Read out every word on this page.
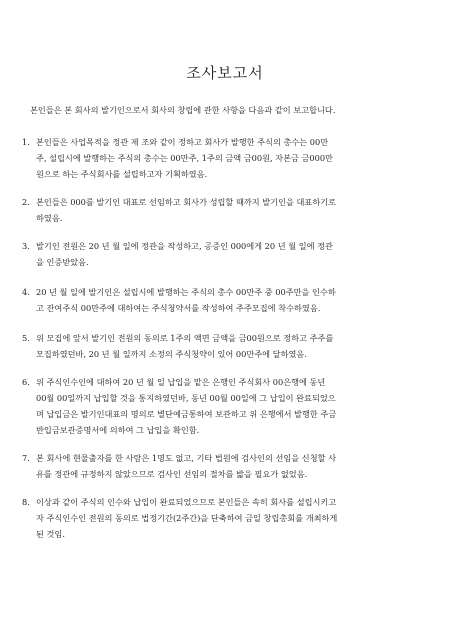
조사보고서
본인들은 본 회사의 발기인으로서 회사의 창립에 관한 사항을 다음과 같이 보고합니다.
1. 본인들은 사업목적을 정관 제 조와 같이 정하고 회사가 발행한 주식의 총수는 00만
주, 설립시에 발행하는 주식의 총수는 00만주, 1주의 금액 금00원, 자본금 금000만
원으로 하는 주식회사를 설립하고자 기획하였음.
2. 본인들은 000를 발기인 대표로 선임하고 회사가 성립할 때까지 발기인을 대표하기로
하였음.
3. 발기인 전원은 20 년 월 일에 정관을 작성하고, 공증인 000에게 20 년 월 일에 정관
을 인증받았음.
4. 20 년 월 일에 발기인은 설립시에 발행하는 주식의 총수 00만주 중 00주만을 인수하
고 잔여주식 00만주에 대하여는 주식청약서를 작성하여 주주모집에 착수하였음.
5. 위 모집에 앞서 발기인 전원의 동의로 1주의 액면 금액을 금00원으로 정하고 주주를
모집하였던바, 20 년 월 일까지 소정의 주식청약이 있어 00만주에 달하였음.
6. 위 주식인수인에 대하여 20 년 월 일 납입을 맡은 은행인 주식회사 00은행에 동년
00월 00일까지 납입할 것을 통지하였던바, 동년 00월 00일에 그 납입이 완료되었으
며 납입금은 발기인대표의 명의로 별단예금통하여 보관하고 위 은행에서 발행한 주금
반입금보관증명서에 의하여 그 납입을 확인함.
7. 본 회사에 현물출자를 한 사람은 1명도 없고, 기타 법원에 검사인의 선임을 신청할 사
유를 정관에 규정하지 않았으므로 검사인 선임의 절차를 밟을 필요가 없었음.
8. 이상과 같이 주식의 인수와 납입이 완료되었으므로 본인들은 속히 회사를 설립시키고
자 주식인수인 전원의 동의로 법정기간(2주간)을 단축하여 금일 창립총회를 개최하게
된 것임.
